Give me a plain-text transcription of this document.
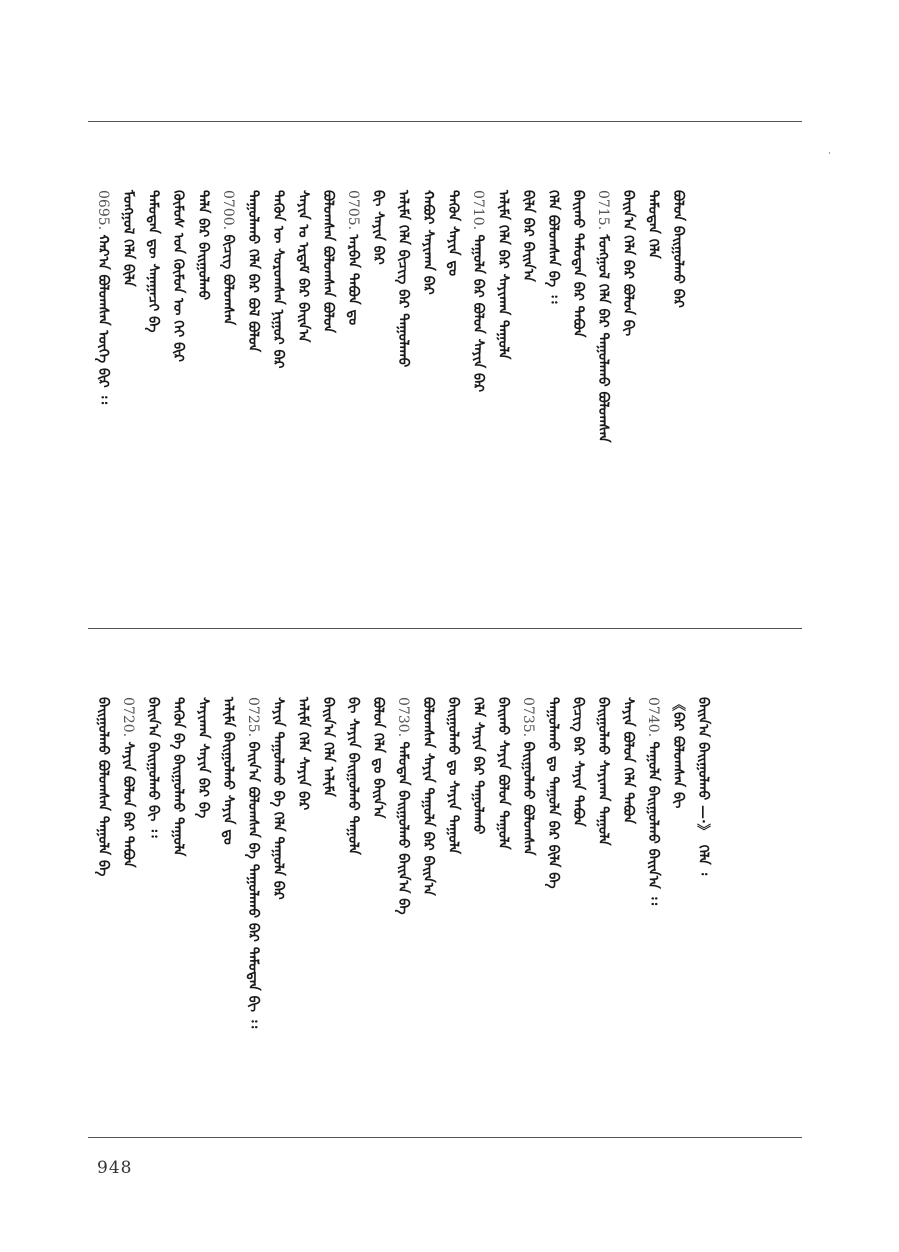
0695.ᠬᠠᠷ᠎ᠠ ᠪᠣᠯᠤᠭᠰᠠᠨ ᠦᠭᠡ ᠪᠢᠷ ᠄᠄ ᠮᠣᠩᠭᠣᠯ ᠬᠡᠯᠡ ᠪᠢᠯᠡ ᠲᠡᠮᠦᠳᠡᠨ ᠳᠦ ᠰᠠᠨᠠᠭᠠᠴᠢ ᠪᠠ ᠬᠦᠮᠦᠰ ᠤᠨ ᠬᠦᠮᠦᠨ ᠦ ᠬᠡᠢ ᠪᠢᠷ ᠲᠠᠯᠠ ᠪᠠᠷ ᠪᠠᠢᠭᠤᠯᠬᠤ 0700.ᠪᠢᠴᠢᠭ ᠪᠣᠯᠤᠭᠰᠠᠨ ᠲᠠᠭᠤᠯᠠᠬᠤ ᠬᠡᠯᠡ ᠪᠠᠷ ᠪᠣᠯ ᠪᠣᠯᠤᠨ ᠲᠡᠭᠦᠨ ᠦ ᠰᠤᠷᠤᠭᠰᠠᠨ ᠨᠢᠭᠤᠷ ᠪᠠᠷ ᠰᠠᠶᠢᠨ ᠤ ᠡᠷᠳᠡᠮ ᠪᠠᠷ ᠪᠠᠢᠨ᠎ᠠ ᠪᠣᠯᠤᠭᠰᠠᠨ ᠪᠣᠯᠤᠭᠰᠠᠨ ᠪᠣᠯᠤᠨ 0705.ᠠᠷᠪᠠᠨ ᠲᠠᠪᠤᠨ ᠳᠤ
ᠪᠢ ᠰᠠᠶᠢᠨ ᠪᠠᠷ ᠠᠯᠢᠮᠠ ᠬᠡᠯᠡ ᠪᠢᠴᠢᠭ ᠪᠠᠷ ᠲᠠᠭᠤᠯᠠᠬᠤ ᠬᠠᠪᠤᠷ ᠰᠠᠶᠢᠬᠠᠨ ᠪᠠᠷ ᠲᠡᠭᠦᠨ ᠰᠠᠶᠢᠨ ᠳᠤ 0710.ᠲᠠᠭᠤᠯᠠ ᠪᠠᠷ ᠪᠣᠯᠤᠨ ᠰᠠᠶᠢᠨ ᠪᠠᠷ ᠠᠯᠢᠮᠠ ᠬᠡᠯᠡ ᠪᠠᠷ ᠰᠠᠶᠢᠬᠠᠨ ᠲᠠᠭᠤᠯᠠ ᠪᠢᠯᠡ ᠪᠠᠷ ᠪᠠᠢᠨ᠎ᠠ ᠬᠡᠯᠡ ᠪᠣᠯᠤᠭᠰᠠᠨ ᠪᠠ ᠄᠄ ᠪᠠᠢᠬᠤ ᠲᠡᠮᠦᠳᠡᠨ ᠪᠠᠷ ᠲᠠᠪᠤᠨ 0715.ᠮᠣᠩᠭᠣᠯ ᠬᠡᠯᠡ ᠪᠠᠷ ᠲᠠᠭᠤᠯᠠᠬᠤ ᠪᠣᠯᠤᠭᠰᠠᠨ ᠪᠠᠢᠨ᠎ᠠ ᠬᠡᠯᠡ ᠪᠠᠷ ᠪᠣᠯᠤᠨ ᠪᠢ ᠲᠡᠮᠦᠳᠡᠨ ᠬᠡᠯᠡ ᠪᠣᠯᠤᠨ ᠪᠠᠢᠭᠤᠯᠬᠤ ᠪᠠᠷ
ᠪᠠᠢᠭᠤᠯᠬᠤ ᠪᠣᠯᠤᠭᠰᠠᠨ ᠲᠠᠭᠤᠯᠠ ᠪᠠ 0720.ᠰᠠᠶᠢᠨ ᠪᠣᠯᠤᠨ ᠪᠠᠷ ᠲᠠᠪᠤᠨ ᠪᠠᠢᠨ᠎ᠠ ᠪᠠᠢᠭᠤᠯᠬᠤ ᠪᠢ ᠄᠄ ᠲᠡᠭᠦᠨ ᠪᠠ ᠪᠠᠢᠭᠤᠯᠬᠤ ᠲᠠᠭᠤᠯᠠ ᠰᠠᠶᠢᠬᠠᠨ ᠰᠠᠶᠢᠨ ᠪᠠᠷ ᠪᠠ ᠠᠯᠢᠮᠠ ᠪᠠᠢᠭᠤᠯᠬᠤ ᠰᠠᠶᠢᠨ ᠳᠤ 0725.ᠪᠠᠢᠨ᠎ᠠ ᠪᠣᠯᠤᠭᠰᠠᠨ ᠪᠠ ᠲᠠᠭᠤᠯᠠᠬᠤ ᠪᠠᠷ ᠲᠡᠮᠦᠳᠡᠨ ᠪᠢ ᠄᠄ ᠰᠠᠶᠢᠨ ᠲᠠᠭᠤᠯᠠᠬᠤ ᠪᠠ ᠬᠡᠯᠡ ᠲᠠᠭᠤᠯᠠ ᠪᠠᠷ ᠠᠯᠢᠮᠠ ᠬᠡᠯᠡ ᠰᠠᠶᠢᠨ ᠪᠠᠷ ᠪᠠᠢᠨ᠎ᠠ ᠬᠡᠯᠡ ᠠᠯᠢᠮᠠ ᠪᠢ ᠰᠠᠶᠢᠨ ᠪᠠᠢᠭᠤᠯᠬᠤ ᠲᠠᠭᠤᠯᠠ ᠪᠣᠯᠤᠨ ᠬᠡᠯᠡ ᠳᠤ ᠪᠠᠢᠨ᠎ᠠ 0730.ᠲᠡᠮᠦᠳᠡᠨ ᠪᠠᠢᠭᠤᠯᠬᠤ ᠪᠠᠢᠨ᠎ᠠ ᠪᠠ ᠪᠣᠯᠤᠭᠰᠠᠨ ᠰᠠᠶᠢᠨ ᠲᠠᠭᠤᠯᠠ ᠪᠠᠷ ᠪᠠᠢᠨ᠎ᠠ ᠪᠠᠢᠭᠤᠯᠬᠤ ᠳᠤ ᠰᠠᠶᠢᠨ ᠲᠠᠭᠤᠯᠠ ᠬᠡᠯᠡ ᠰᠠᠶᠢᠨ ᠪᠠᠷ ᠲᠠᠭᠤᠯᠠᠬᠤ ᠪᠠᠢᠬᠤ ᠰᠠᠶᠢᠨ ᠪᠣᠯᠤᠨ ᠲᠠᠭᠤᠯᠠ 0735.ᠪᠠᠢᠭᠤᠯᠬᠤ ᠪᠣᠯᠤᠭᠰᠠᠨ ᠲᠠᠭᠤᠯᠠᠬᠤ ᠳᠤ ᠲᠠᠭᠤᠯᠠ ᠪᠠᠷ ᠪᠢᠯᠡ ᠪᠠ ᠪᠢᠴᠢᠭ ᠪᠠᠷ ᠰᠠᠶᠢᠨ ᠲᠠᠪᠤᠨ ᠪᠠᠢᠭᠤᠯᠬᠤ ᠰᠠᠶᠢᠬᠠᠨ ᠲᠠᠭᠤᠯᠠ ᠰᠠᠶᠢᠨ ᠪᠣᠯᠤᠨ ᠬᠡᠯᠡ ᠲᠠᠪᠤᠨ 0740.ᠲᠠᠭᠤᠯᠠ ᠪᠠᠢᠭᠤᠯᠬᠤ ᠪᠠᠢᠨ᠎ᠠ ᠄᠄ 《ᠪᠠᠷ ᠪᠣᠯᠤᠭᠰᠠᠨ ᠪᠢ ᠪᠠᠢᠨ᠎ᠠ ᠪᠠᠢᠭᠤᠯᠬᠤ —·》 ᠬᠡᠯᠡ ᠄
948
